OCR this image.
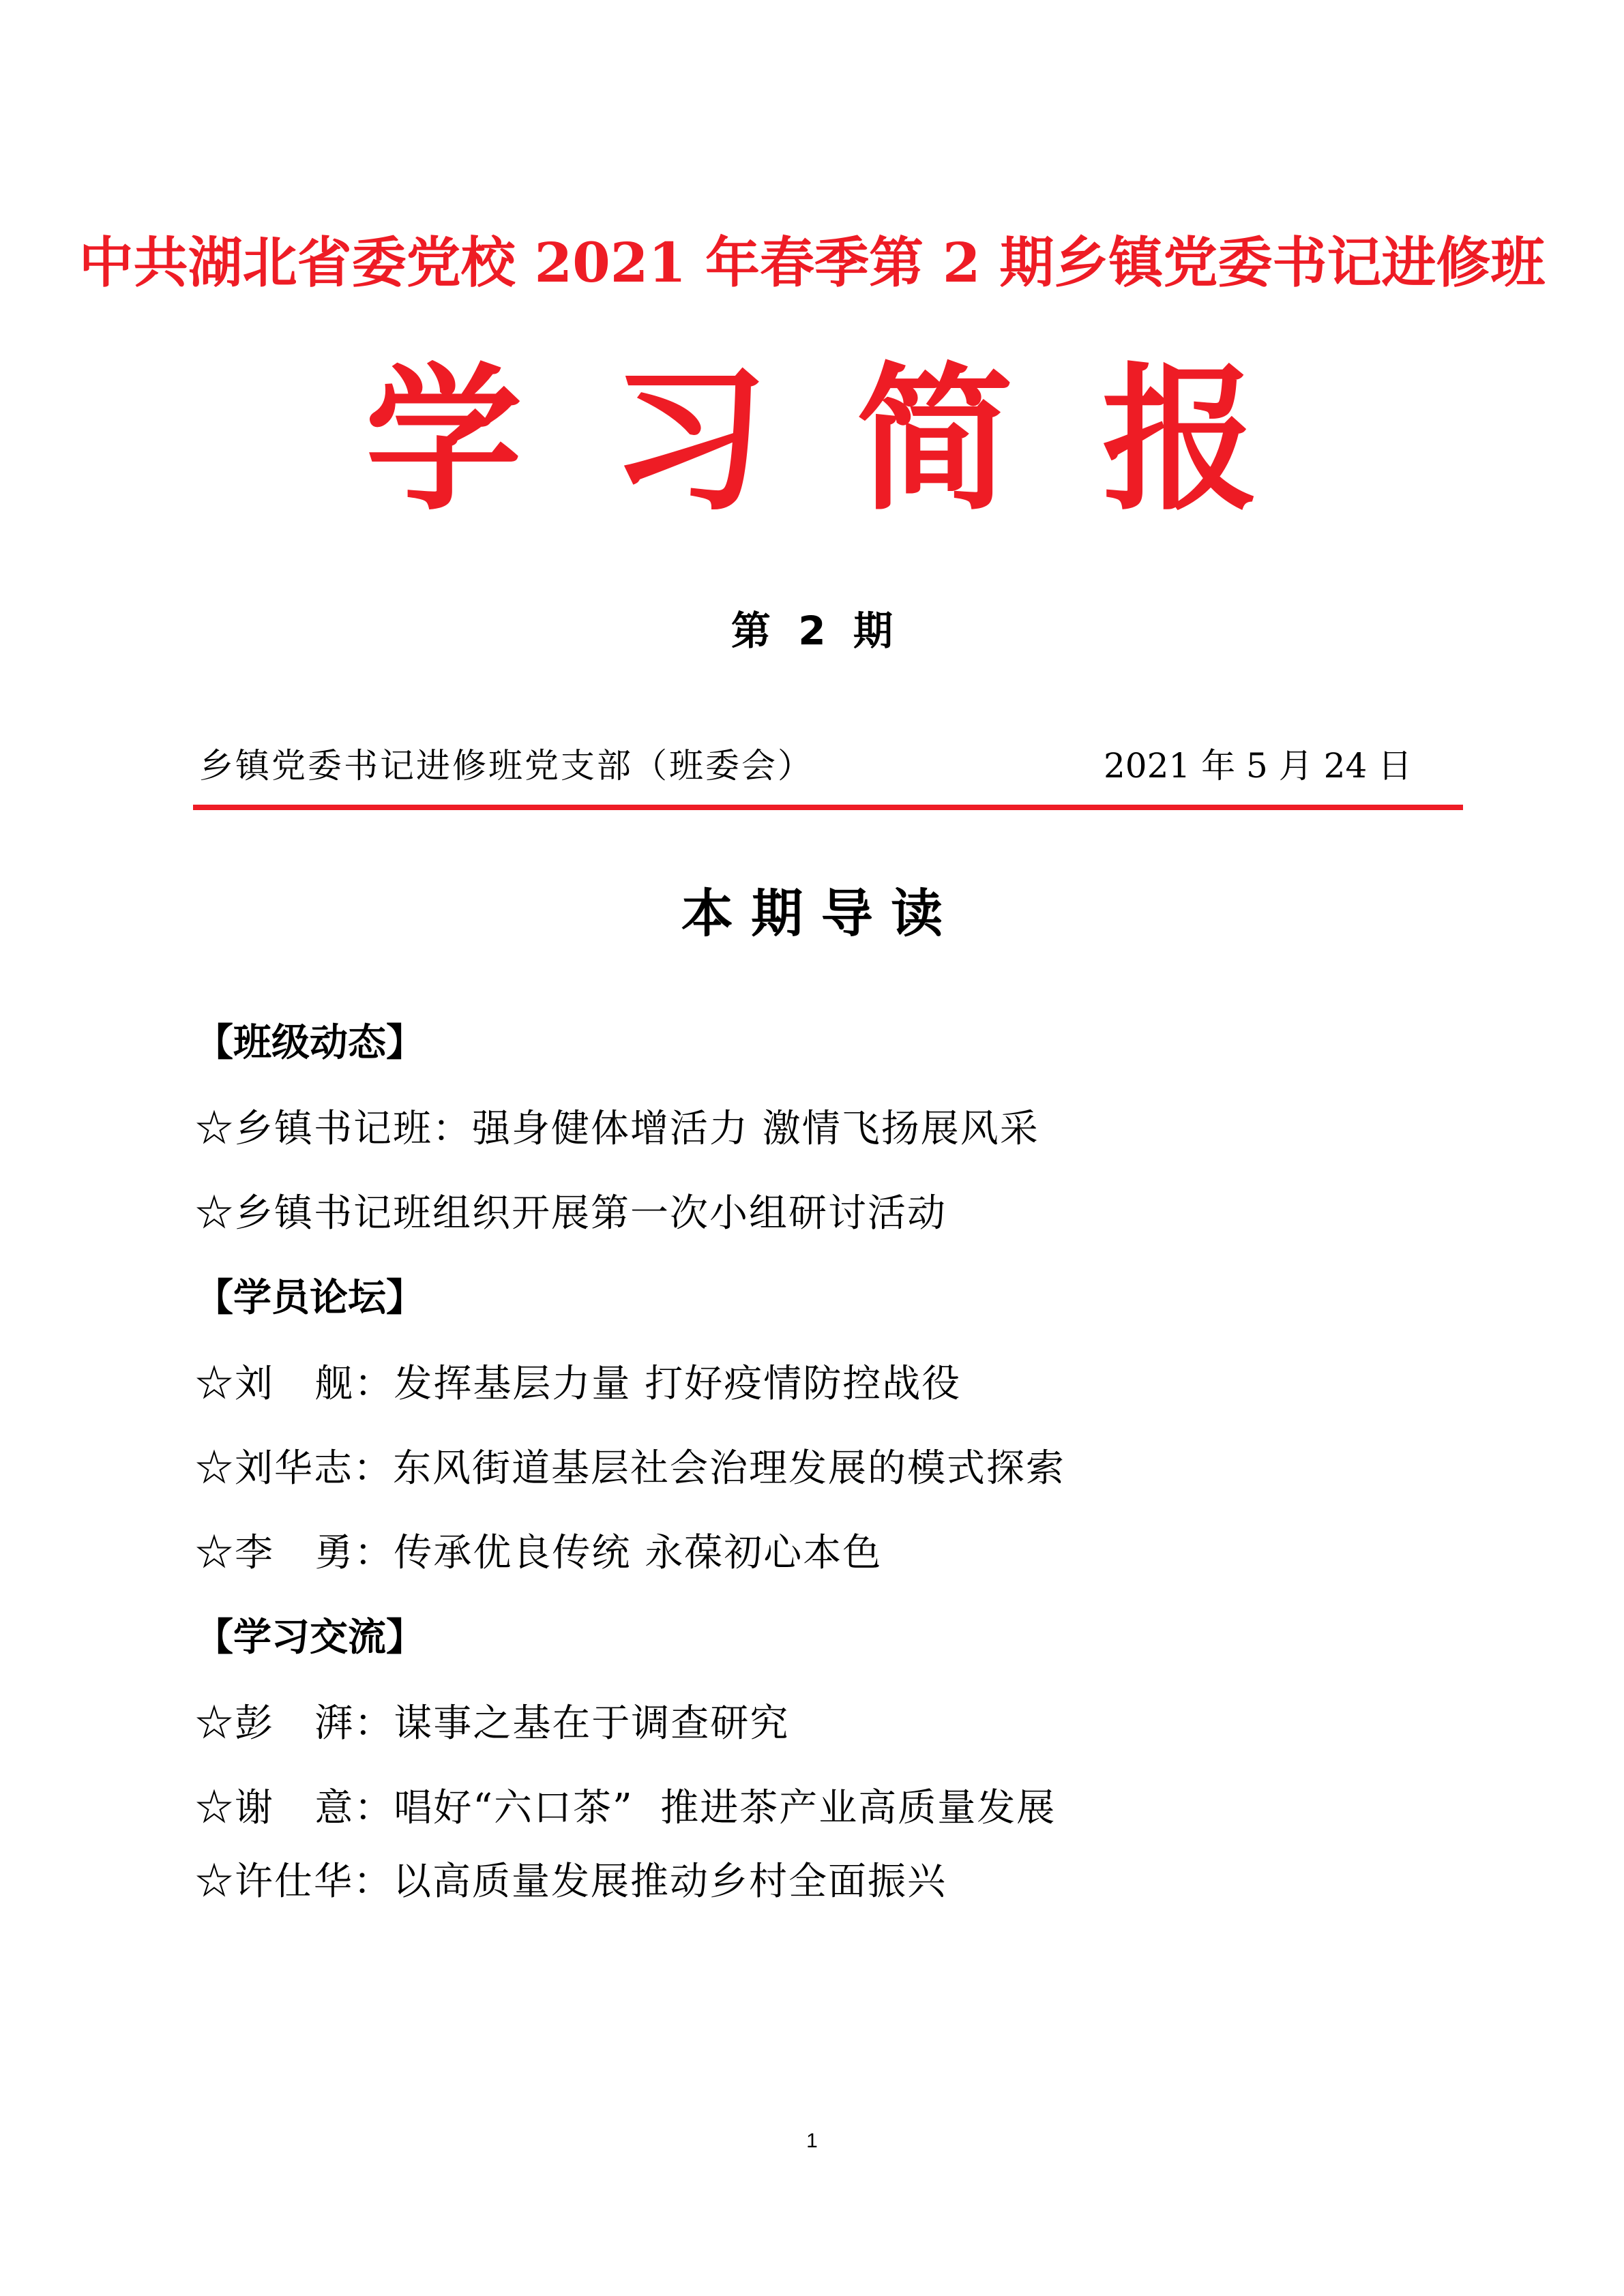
中共湖北省委党校 2021 年春季第 2 期乡镇党委书记进修班
学 习 简 报
第  2  期
乡镇党委书记进修班党支部（班委会）	2021 年 5 月 24 日
本 期 导 读
【班级动态】
☆乡镇书记班：强身健体增活力 激情飞扬展风采
☆乡镇书记班组织开展第一次小组研讨活动
【学员论坛】
☆刘   舰：发挥基层力量 打好疫情防控战役
☆刘华志：东风街道基层社会治理发展的模式探索
☆李   勇：传承优良传统 永葆初心本色
【学习交流】
☆彭   湃：谋事之基在于调查研究
☆谢   意：唱好“六口茶”  推进茶产业高质量发展
☆许仕华：以高质量发展推动乡村全面振兴
1
